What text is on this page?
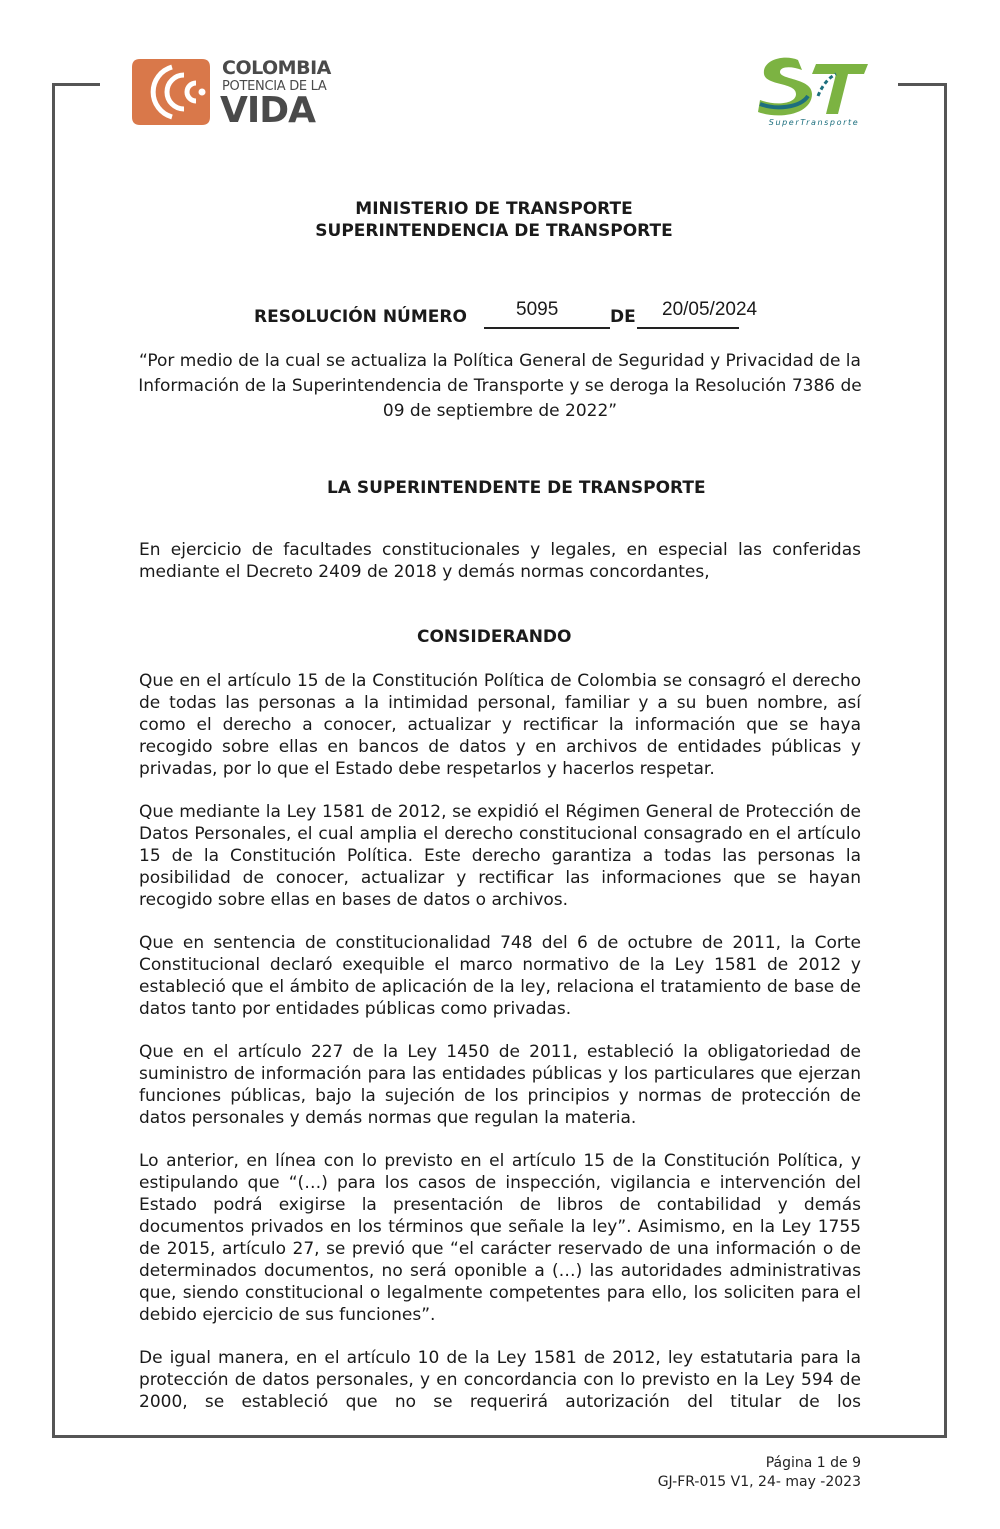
COLOMBIA
POTENCIA DE LA
VIDA	SuperTransporte
MINISTERIO DE TRANSPORTE
SUPERINTENDENCIA DE TRANSPORTE
RESOLUCIÓN NÚMERO	5095	DE 20/05/2024
“Por medio de la cual se actualiza la Política General de Seguridad y Privacidad de la Información de la Superintendencia de Transporte y se deroga la Resolución 7386 de 09 de septiembre de 2022”
LA SUPERINTENDENTE DE TRANSPORTE

En ejercicio de facultades constitucionales y legales, en especial las conferidas mediante el Decreto 2409 de 2018 y demás normas concordantes,

CONSIDERANDO

Que en el artículo 15 de la Constitución Política de Colombia se consagró el derecho de todas las personas a la intimidad personal, familiar y a su buen nombre, así como el derecho a conocer, actualizar y rectificar la información que se haya recogido sobre ellas en bancos de datos y en archivos de entidades públicas y privadas, por lo que el Estado debe respetarlos y hacerlos respetar.

Que mediante la Ley 1581 de 2012, se expidió el Régimen General de Protección de Datos Personales, el cual amplia el derecho constitucional consagrado en el artículo 15 de la Constitución Política. Este derecho garantiza a todas las personas la posibilidad de conocer, actualizar y rectificar las informaciones que se hayan recogido sobre ellas en bases de datos o archivos.

Que en sentencia de constitucionalidad 748 del 6 de octubre de 2011, la Corte Constitucional declaró exequible el marco normativo de la Ley 1581 de 2012 y estableció que el ámbito de aplicación de la ley, relaciona el tratamiento de base de datos tanto por entidades públicas como privadas.

Que en el artículo 227 de la Ley 1450 de 2011, estableció la obligatoriedad de suministro de información para las entidades públicas y los particulares que ejerzan funciones públicas, bajo la sujeción de los principios y normas de protección de datos personales y demás normas que regulan la materia.

Lo anterior, en línea con lo previsto en el artículo 15 de la Constitución Política, y estipulando que “(…) para los casos de inspección, vigilancia e intervención del Estado podrá exigirse la presentación de libros de contabilidad y demás documentos privados en los términos que señale la ley”. Asimismo, en la Ley 1755 de 2015, artículo 27, se previó que “el carácter reservado de una información o de determinados documentos, no será oponible a (…) las autoridades administrativas que, siendo constitucional o legalmente competentes para ello, los soliciten para el debido ejercicio de sus funciones”.

De igual manera, en el artículo 10 de la Ley 1581 de 2012, ley estatutaria para la protección de datos personales, y en concordancia con lo previsto en la Ley 594 de 2000, se estableció que no se requerirá autorización del titular de los

Página 1 de 9
GJ-FR-015 V1, 24- may -2023
